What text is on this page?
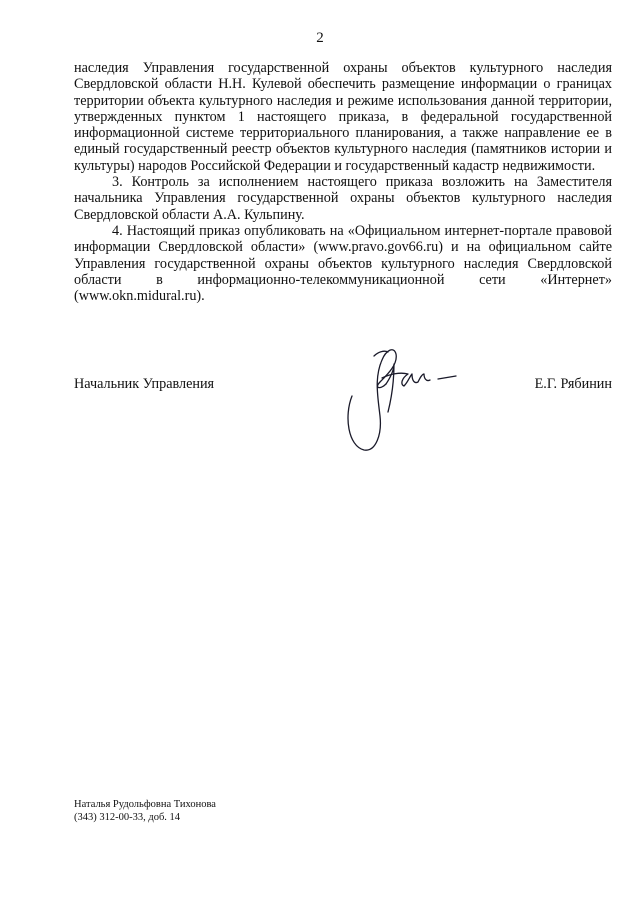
2

наследия Управления государственной охраны объектов культурного наследия Свердловской области Н.Н. Кулевой обеспечить размещение информации о границах территории объекта культурного наследия и режиме использования данной территории, утвержденных пунктом 1 настоящего приказа, в федеральной государственной информационной системе территориального планирования, а также направление ее в единый государственный реестр объектов культурного наследия (памятников истории и культуры) народов Российской Федерации и государственный кадастр недвижимости.

3. Контроль за исполнением настоящего приказа возложить на Заместителя начальника Управления государственной охраны объектов культурного наследия Свердловской области А.А. Кульпину.

4. Настоящий приказ опубликовать на «Официальном интернет-портале правовой информации Свердловской области» (www.pravo.gov66.ru) и на официальном сайте Управления государственной охраны объектов культурного наследия Свердловской области в информационно-телекоммуникационной сети «Интернет» (www.okn.midural.ru).

Начальник Управления	Е.Г. Рябинин
Наталья Рудольфовна Тихонова
(343) 312-00-33, доб. 14
